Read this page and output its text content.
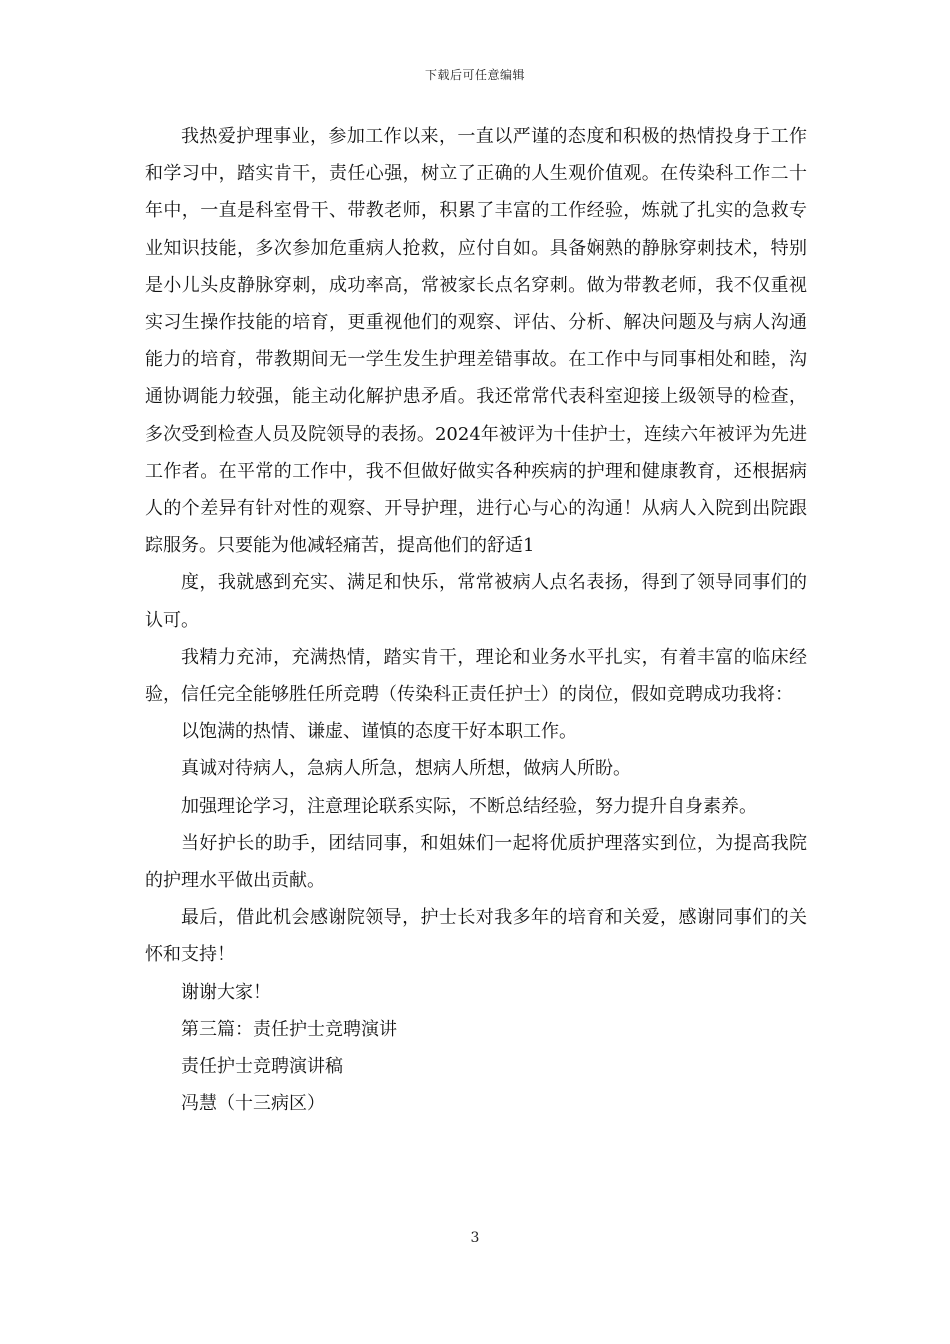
下载后可任意编辑

我热爱护理事业，参加工作以来，一直以严谨的态度和积极的热情投身于工作和学习中，踏实肯干，责任心强，树立了正确的人生观价值观。在传染科工作二十年中，一直是科室骨干、带教老师，积累了丰富的工作经验，炼就了扎实的急救专业知识技能，多次参加危重病人抢救，应付自如。具备娴熟的静脉穿刺技术，特别是小儿头皮静脉穿刺，成功率高，常被家长点名穿刺。做为带教老师，我不仅重视实习生操作技能的培育，更重视他们的观察、评估、分析、解决问题及与病人沟通能力的培育，带教期间无一学生发生护理差错事故。在工作中与同事相处和睦，沟通协调能力较强，能主动化解护患矛盾。我还常常代表科室迎接上级领导的检查，多次受到检查人员及院领导的表扬。2024年被评为十佳护士，连续六年被评为先进工作者。在平常的工作中，我不但做好做实各种疾病的护理和健康教育，还根据病人的个差异有针对性的观察、开导护理，进行心与心的沟通！从病人入院到出院跟踪服务。只要能为他减轻痛苦，提高他们的舒适1

度，我就感到充实、满足和快乐，常常被病人点名表扬，得到了领导同事们的认可。

我精力充沛，充满热情，踏实肯干，理论和业务水平扎实，有着丰富的临床经验，信任完全能够胜任所竞聘（传染科正责任护士）的岗位，假如竞聘成功我将：

以饱满的热情、谦虚、谨慎的态度干好本职工作。

真诚对待病人，急病人所急，想病人所想，做病人所盼。

加强理论学习，注意理论联系实际，不断总结经验，努力提升自身素养。

当好护长的助手，团结同事，和姐妹们一起将优质护理落实到位，为提高我院的护理水平做出贡献。

最后，借此机会感谢院领导，护士长对我多年的培育和关爱，感谢同事们的关怀和支持！

谢谢大家！

第三篇：责任护士竞聘演讲

责任护士竞聘演讲稿

冯慧（十三病区）

3
